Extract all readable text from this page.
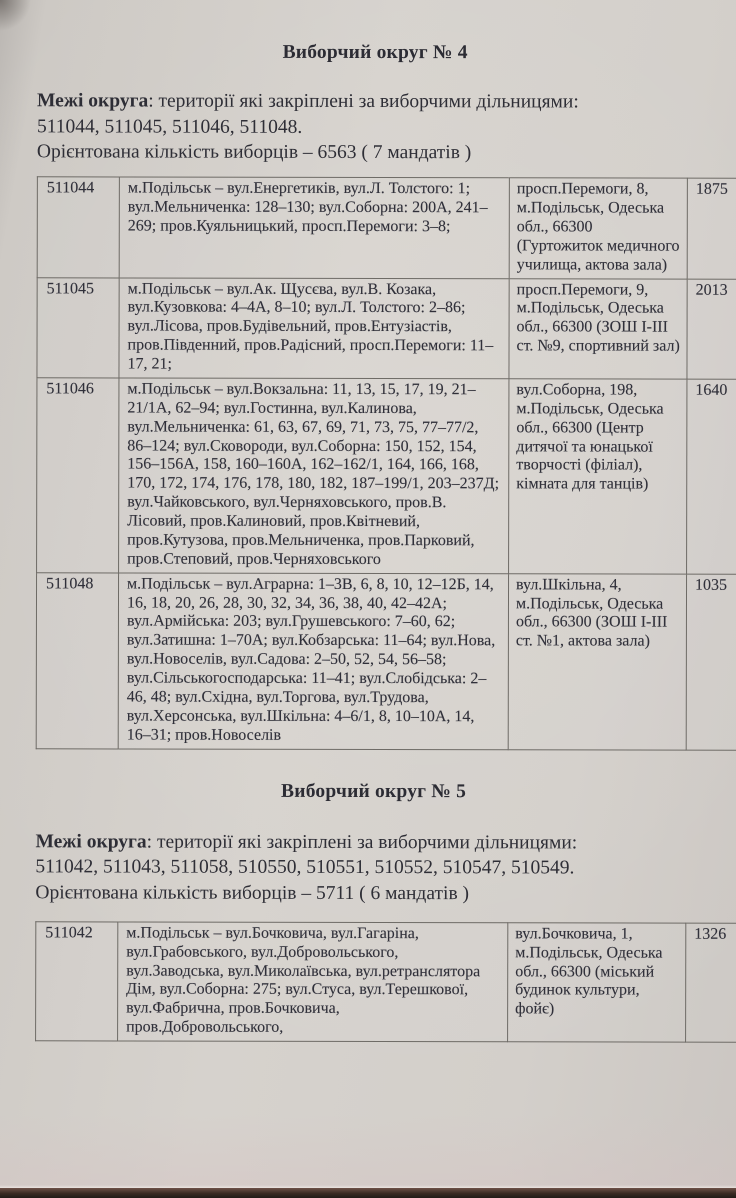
Виборчий округ № 4

Межі округа: території які закріплені за виборчими дільницями:

511044, 511045, 511046, 511048.

Орієнтована кількість виборців – 6563 ( 7 мандатів )

511044	м.Подільськ – вул.Енергетиків, вул.Л. Толстого: 1; вул.Мельниченка: 128–130; вул.Соборна: 200А, 241–269; пров.Куяльницький, просп.Перемоги: 3–8;	просп.Перемоги, 8, м.Подільськ, Одеська обл., 66300 (Гуртожиток медичного училища, актова зала)	1875
511045	м.Подільськ – вул.Ак. Щусєва, вул.В. Козака, вул.Кузовкова: 4–4А, 8–10; вул.Л. Толстого: 2–86; вул.Лісова, пров.Будівельний, пров.Ентузіастів, пров.Південний, пров.Радісний, просп.Перемоги: 11–17, 21;	просп.Перемоги, 9, м.Подільськ, Одеська обл., 66300 (ЗОШ І-ІІІ ст. №9, спортивний зал)	2013
511046	м.Подільськ – вул.Вокзальна: 11, 13, 15, 17, 19, 21–21/1А, 62–94; вул.Гостинна, вул.Калинова, вул.Мельниченка: 61, 63, 67, 69, 71, 73, 75, 77–77/2, 86–124; вул.Сковороди, вул.Соборна: 150, 152, 154, 156–156А, 158, 160–160А, 162–162/1, 164, 166, 168, 170, 172, 174, 176, 178, 180, 182, 187–199/1, 203–237Д; вул.Чайковського, вул.Черняховського, пров.В. Лісовий, пров.Калиновий, пров.Квітневий, пров.Кутузова, пров.Мельниченка, пров.Парковий, пров.Степовий, пров.Черняховського	вул.Соборна, 198, м.Подільськ, Одеська обл., 66300 (Центр дитячої та юнацької творчості (філіал), кімната для танців)	1640
511048	м.Подільськ – вул.Аграрна: 1–3В, 6, 8, 10, 12–12Б, 14, 16, 18, 20, 26, 28, 30, 32, 34, 36, 38, 40, 42–42А; вул.Армійська: 203; вул.Грушевського: 7–60, 62; вул.Затишна: 1–70А; вул.Кобзарська: 11–64; вул.Нова, вул.Новоселів, вул.Садова: 2–50, 52, 54, 56–58; вул.Сільськогосподарська: 11–41; вул.Слобідська: 2–46, 48; вул.Східна, вул.Торгова, вул.Трудова, вул.Херсонська, вул.Шкільна: 4–6/1, 8, 10–10А, 14, 16–31; пров.Новоселів	вул.Шкільна, 4, м.Подільськ, Одеська обл., 66300 (ЗОШ І-ІІІ ст. №1, актова зала)	1035
Виборчий округ № 5

Межі округа: території які закріплені за виборчими дільницями:

511042, 511043, 511058, 510550, 510551, 510552, 510547, 510549.

Орієнтована кількість виборців – 5711 ( 6 мандатів )

511042	м.Подільськ – вул.Бочковича, вул.Гагаріна, вул.Грабовського, вул.Добровольського, вул.Заводська, вул.Миколаївська, вул.ретранслятора Дім, вул.Соборна: 275; вул.Стуса, вул.Терешкової, вул.Фабрична, пров.Бочковича, пров.Добровольського,	вул.Бочковича, 1, м.Подільськ, Одеська обл., 66300 (міський будинок культури, фойє)	1326
